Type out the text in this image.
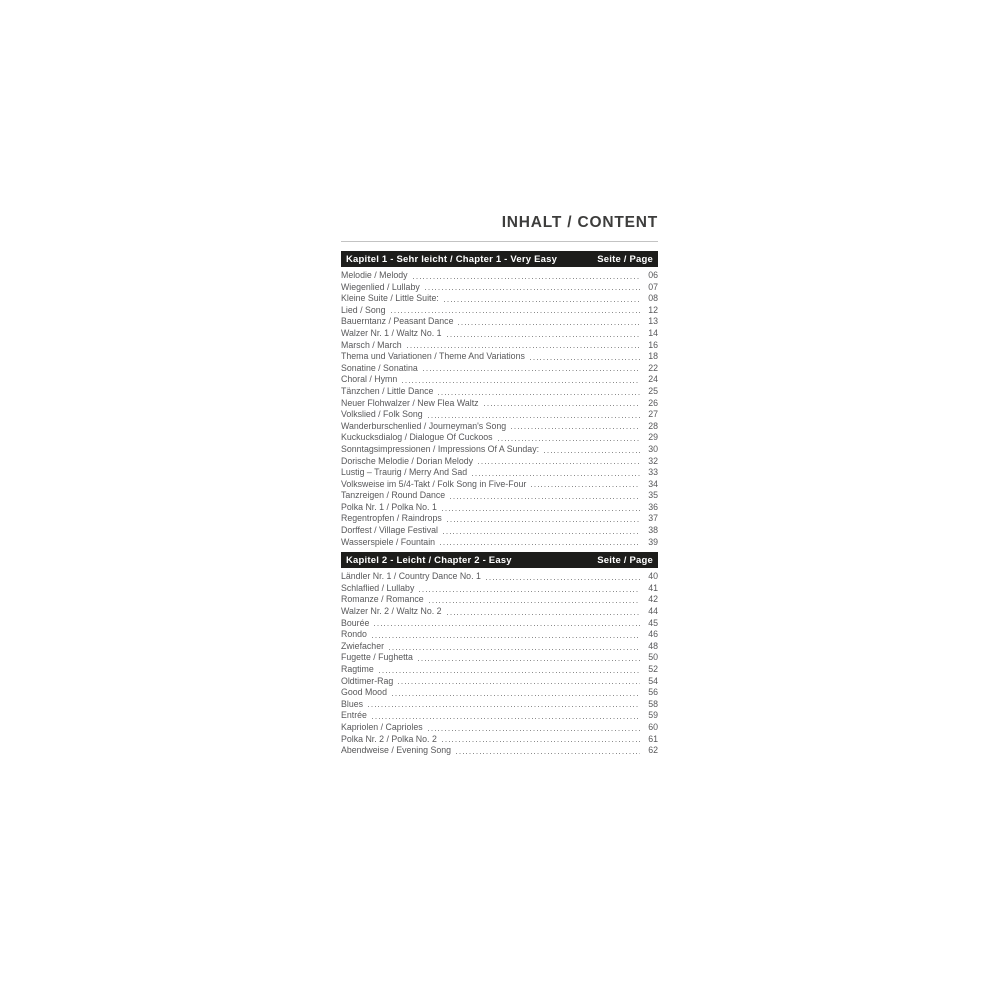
INHALT / CONTENT
Kapitel 1 - Sehr leicht / Chapter 1 - Very Easy	Seite / Page
Melodie / Melody	06
Wiegenlied / Lullaby	07
Kleine Suite / Little Suite:	08
Lied / Song	12
Bauerntanz / Peasant Dance	13
Walzer Nr. 1 / Waltz No. 1	14
Marsch / March	16
Thema und Variationen / Theme And Variations	18
Sonatine / Sonatina	22
Choral / Hymn	24
Tänzchen / Little Dance	25
Neuer Flohwalzer / New Flea Waltz	26
Volkslied / Folk Song	27
Wanderburschenlied / Journeyman's Song	28
Kuckucksdialog / Dialogue Of Cuckoos	29
Sonntagsimpressionen / Impressions Of A Sunday:	30
Dorische Melodie / Dorian Melody	32
Lustig – Traurig / Merry And Sad	33
Volksweise im 5/4-Takt / Folk Song in Five-Four	34
Tanzreigen / Round Dance	35
Polka Nr. 1 / Polka No. 1	36
Regentropfen / Raindrops	37
Dorffest / Village Festival	38
Wasserspiele / Fountain	39
Kapitel 2 - Leicht / Chapter 2 - Easy	Seite / Page
Ländler Nr. 1 / Country Dance No. 1	40
Schlaflied / Lullaby	41
Romanze / Romance	42
Walzer Nr. 2 / Waltz No. 2	44
Bourée	45
Rondo	46
Zwiefacher	48
Fugette / Fughetta	50
Ragtime	52
Oldtimer-Rag	54
Good Mood	56
Blues	58
Entrée	59
Kapriolen / Caprioles	60
Polka Nr. 2 / Polka No. 2	61
Abendweise / Evening Song	62
